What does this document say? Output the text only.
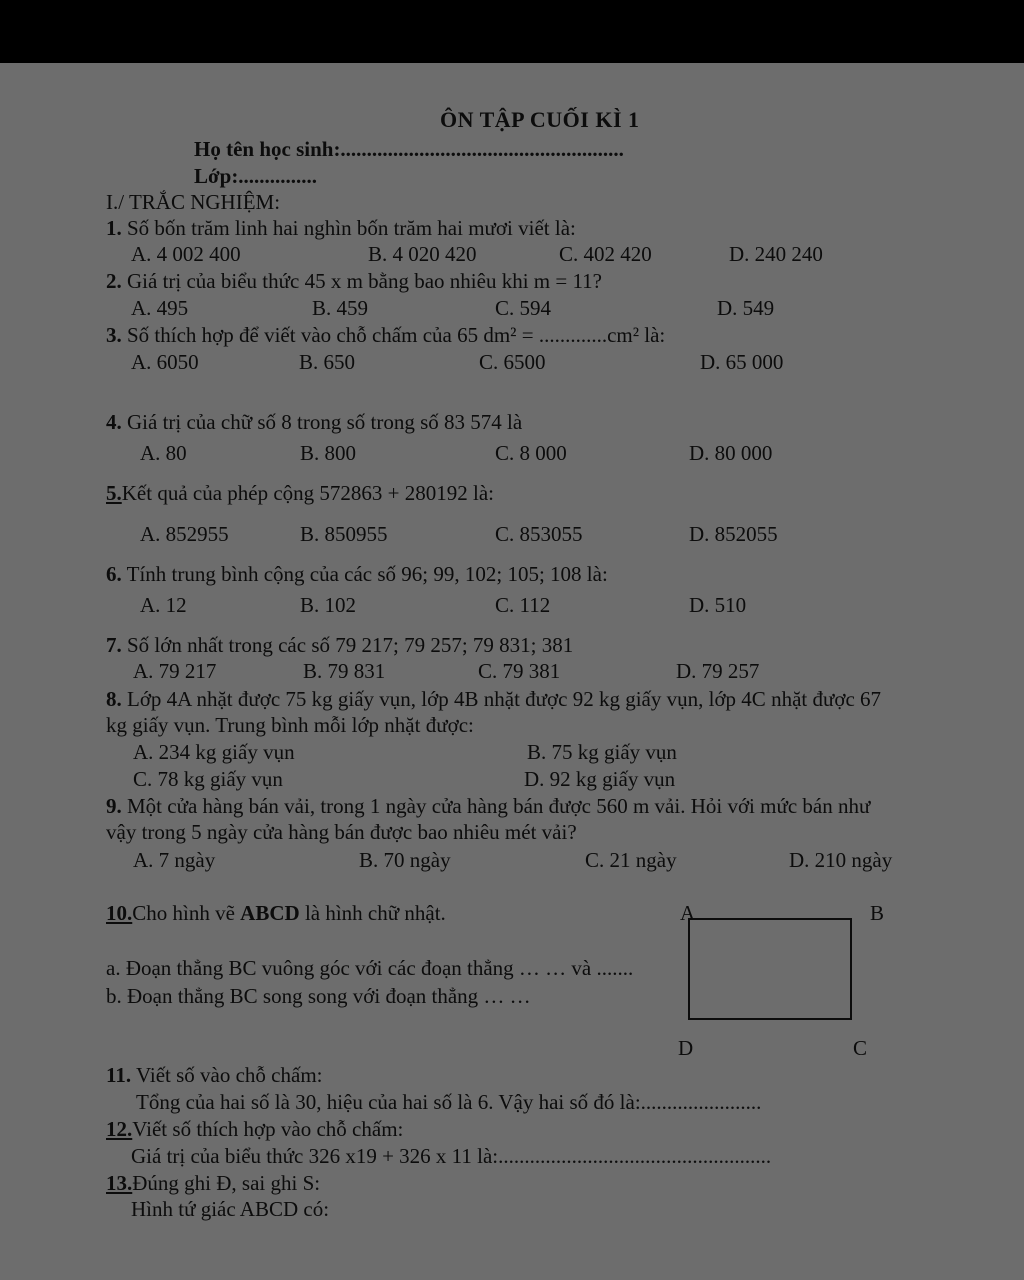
ÔN TẬP CUỐI KÌ 1
Họ tên học sinh:......................................................
Lớp:...............
I./ TRẮC NGHIỆM:
1. Số bốn trăm linh hai nghìn bốn trăm hai mươi viết là:
A. 4 002 400	B. 4 020 420	C. 402 420	D. 240 240
2. Giá trị của biểu thức 45 x m bằng bao nhiêu khi m = 11?
A. 495	B. 459	C. 594	D. 549
3. Số thích hợp để viết vào chỗ chấm của 65 dm² = .............cm² là:
A. 6050	B. 650	C. 6500	D. 65 000
4. Giá trị của chữ số 8 trong số trong số 83 574 là
A. 80	B. 800	C. 8 000	D. 80 000
5.Kết quả của phép cộng 572863 + 280192 là:
A. 852955	B. 850955	C. 853055	D. 852055
6. Tính trung bình cộng của các số 96; 99, 102; 105; 108 là:
A. 12	B. 102	C. 112	D. 510
7. Số lớn nhất trong các số 79 217; 79 257; 79 831; 381
A. 79 217	B. 79 831	C. 79 381	D. 79 257
8. Lớp 4A nhặt được 75 kg giấy vụn, lớp 4B nhặt được 92 kg giấy vụn, lớp 4C nhặt được 67
kg giấy vụn. Trung bình mỗi lớp nhặt được:
A. 234 kg giấy vụn	B. 75 kg giấy vụn
C. 78 kg giấy vụn	D. 92 kg giấy vụn
9. Một cửa hàng bán vải, trong 1 ngày cửa hàng bán được 560 m vải. Hỏi với mức bán như
vậy trong 5 ngày cửa hàng bán được bao nhiêu mét vải?
A. 7 ngày	B. 70 ngày	C. 21 ngày	D. 210 ngày
10.Cho hình vẽ ABCD là hình chữ nhật.
a. Đoạn thẳng BC vuông góc với các đoạn thẳng … … và .......
b. Đoạn thẳng BC song song với đoạn thẳng … …
A	B
C
D
11. Viết số vào chỗ chấm:
Tổng của hai số là 30, hiệu của hai số là 6. Vậy hai số đó là:.......................
12.Viết số thích hợp vào chỗ chấm:
Giá trị của biểu thức 326 x19 + 326 x 11 là:....................................................
13.Đúng ghi Đ, sai ghi S:
Hình tứ giác ABCD có:
